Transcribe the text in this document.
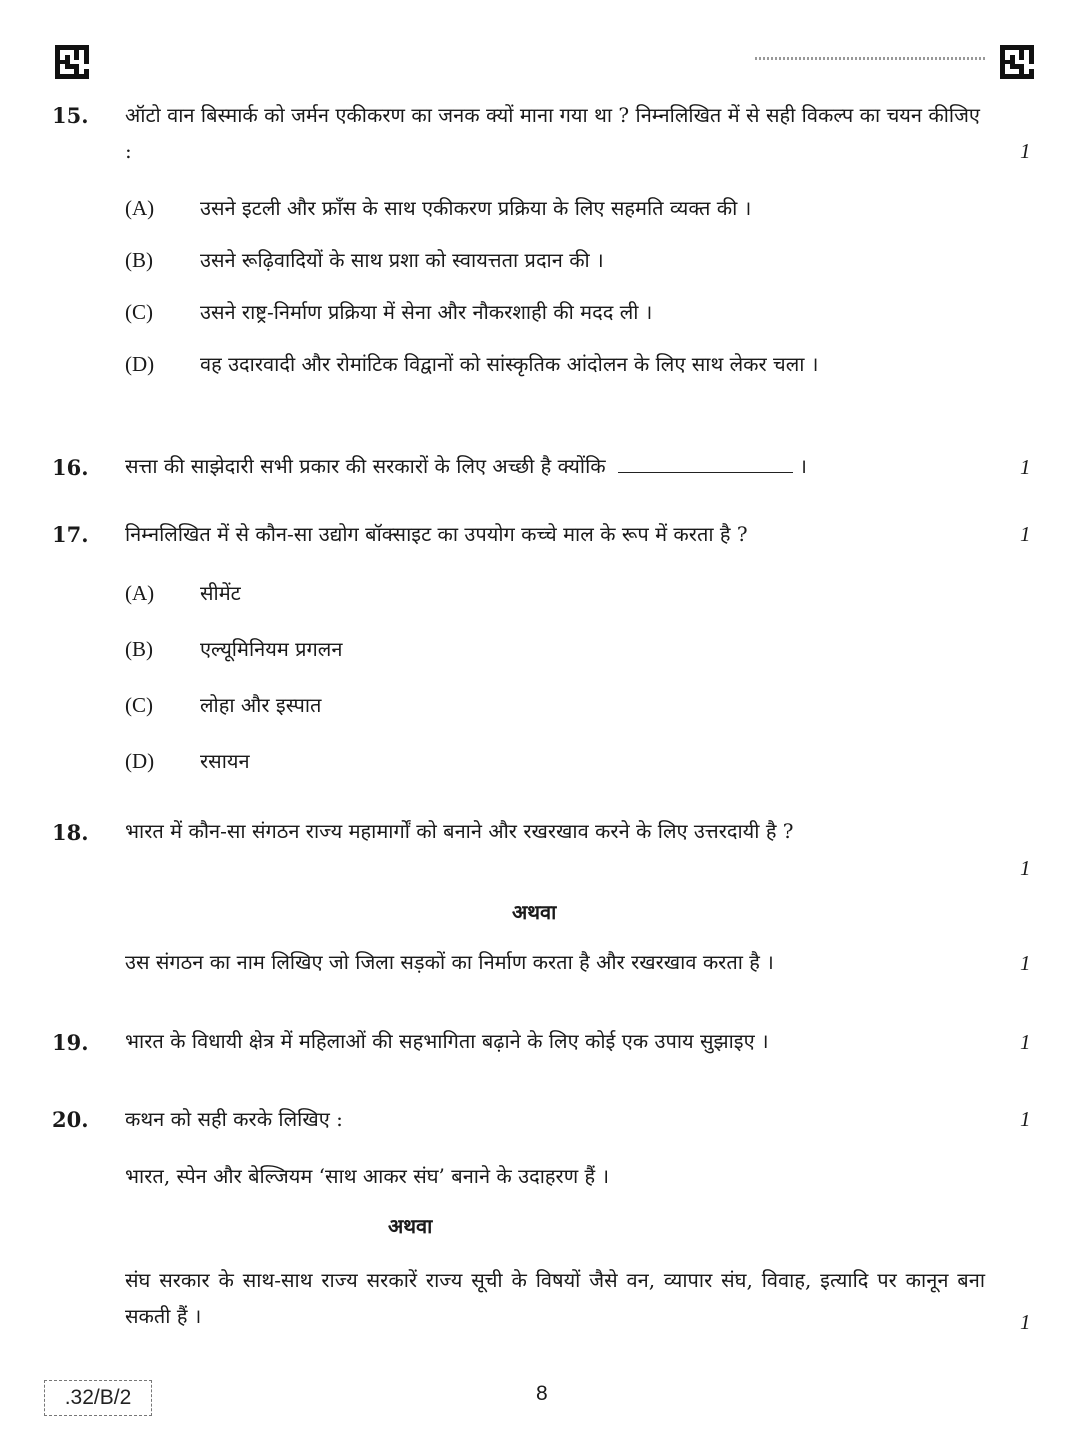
15. ऑटो वान बिस्मार्क को जर्मन एकीकरण का जनक क्यों माना गया था ? निम्नलिखित में से सही विकल्प का चयन कीजिए :	1
(A)	उसने इटली और फ्राँस के साथ एकीकरण प्रक्रिया के लिए सहमति व्यक्त की ।
(B)	उसने रूढ़िवादियों के साथ प्रशा को स्वायत्तता प्रदान की ।
(C)	उसने राष्ट्र-निर्माण प्रक्रिया में सेना और नौकरशाही की मदद ली ।
(D)	वह उदारवादी और रोमांटिक विद्वानों को सांस्कृतिक आंदोलन के लिए साथ लेकर चला ।
16. सत्ता की साझेदारी सभी प्रकार की सरकारों के लिए अच्छी है क्योंकि	।	1
17. निम्नलिखित में से कौन-सा उद्योग बॉक्साइट का उपयोग कच्चे माल के रूप में करता है ?	1
(A)	सीमेंट
(B)	एल्यूमिनियम प्रगलन
(C)	लोहा और इस्पात
(D)	रसायन
18. भारत में कौन-सा संगठन राज्य महामार्गों को बनाने और रखरखाव करने के लिए उत्तरदायी है ?
1
अथवा
उस संगठन का नाम लिखिए जो जिला सड़कों का निर्माण करता है और रखरखाव करता है ।	1
19. भारत के विधायी क्षेत्र में महिलाओं की सहभागिता बढ़ाने के लिए कोई एक उपाय सुझाइए ।	1
20. कथन को सही करके लिखिए :	1
भारत, स्पेन और बेल्जियम ‘साथ आकर संघ’ बनाने के उदाहरण हैं ।
अथवा
संघ सरकार के साथ-साथ राज्य सरकारें राज्य सूची के विषयों जैसे वन, व्यापार संघ, विवाह, इत्यादि पर कानून बना सकती हैं ।	1
.32/B/2	8
